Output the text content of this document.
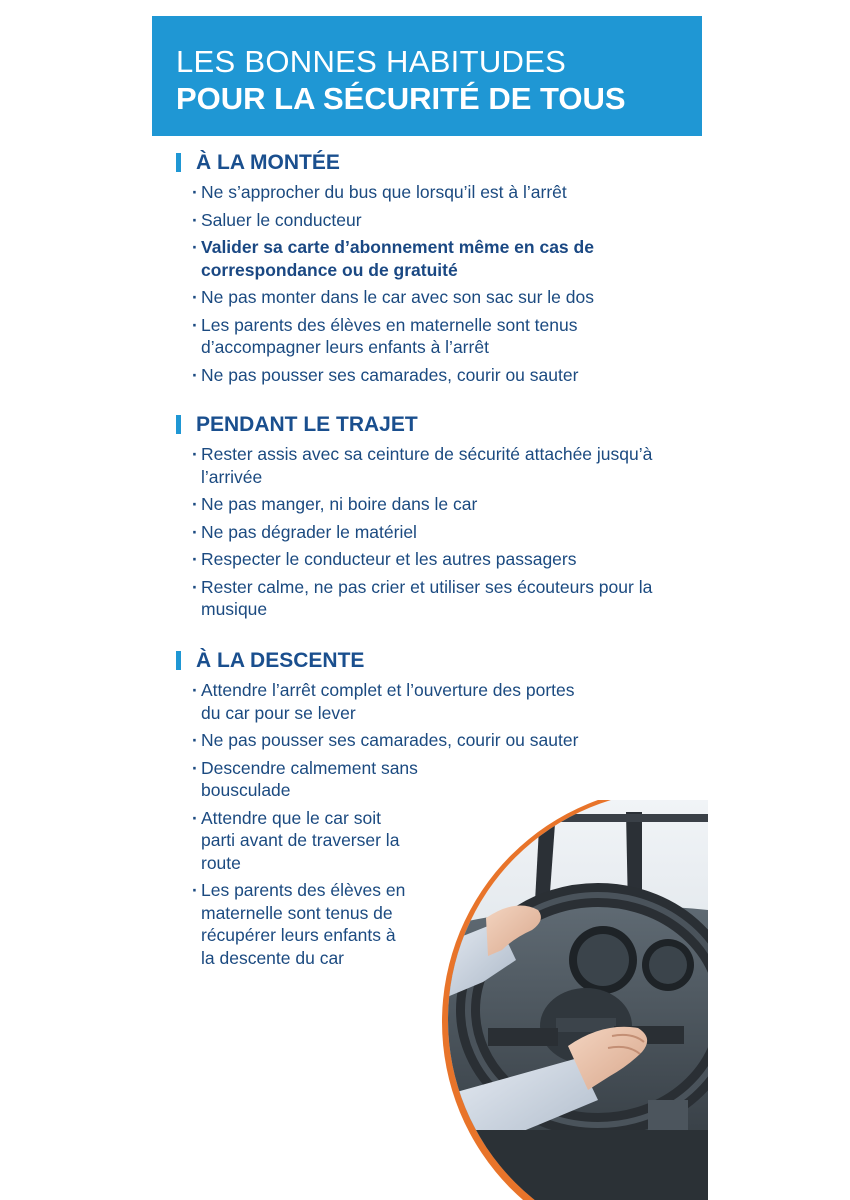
LES BONNES HABITUDES
POUR LA SÉCURITÉ DE TOUS
À LA MONTÉE
· Ne s’approcher du bus que lorsqu’il est à l’arrêt
· Saluer le conducteur
· Valider sa carte d’abonnement même en cas de correspondance ou de gratuité
· Ne pas monter dans le car avec son sac sur le dos
· Les parents des élèves en maternelle sont tenus d’accompagner leurs enfants à l’arrêt
· Ne pas pousser ses camarades, courir ou sauter
PENDANT LE TRAJET
· Rester assis avec sa ceinture de sécurité attachée jusqu’à l’arrivée
· Ne pas manger, ni boire dans le car
· Ne pas dégrader le matériel
· Respecter le conducteur et les autres passagers
· Rester calme, ne pas crier et utiliser ses écouteurs pour la musique
À LA DESCENTE
· Attendre l’arrêt complet et l’ouverture des portes du car pour se lever
· Ne pas pousser ses camarades, courir ou sauter
· Descendre calmement sans bousculade
· Attendre que le car soit parti avant de traverser la route
· Les parents des élèves en maternelle sont tenus de récupérer leurs enfants à la descente du car
